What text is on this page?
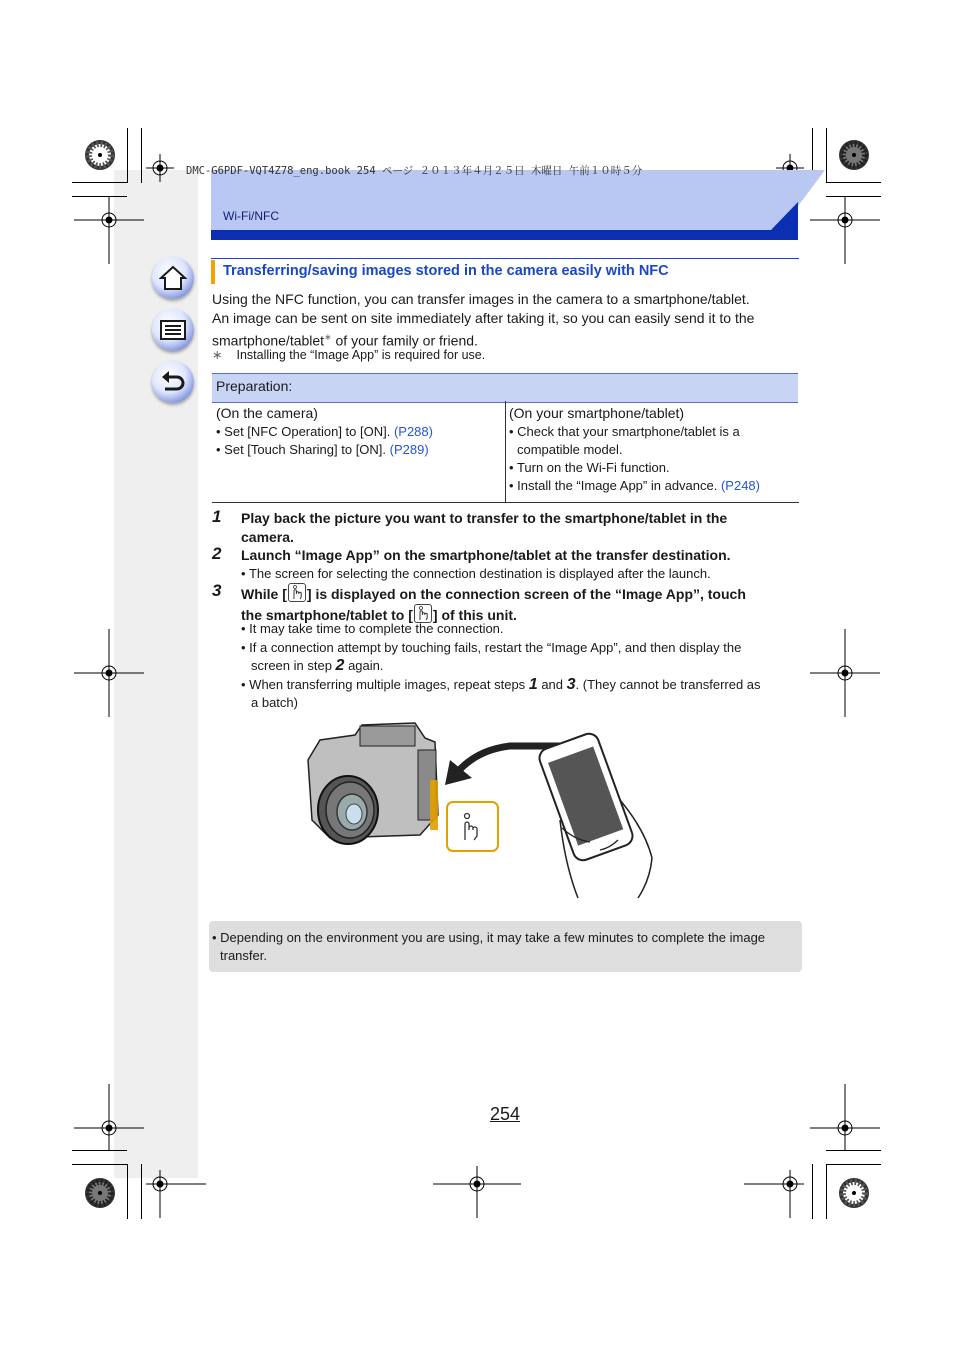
DMC-G6PDF-VQT4Z78_eng.book 254 ページ ２０１３年４月２５日 木曜日 午前１０時５分
Wi-Fi/NFC
Transferring/saving images stored in the camera easily with NFC
Using the NFC function, you can transfer images in the camera to a smartphone/tablet.
An image can be sent on site immediately after taking it, so you can easily send it to the
smartphone/tablet∗ of your family or friend.
∗ Installing the “Image App” is required for use.
Preparation:
(On the camera)
• Set [NFC Operation] to [ON]. (P288)
• Set [Touch Sharing] to [ON]. (P289)
(On your smartphone/tablet)
• Check that your smartphone/tablet is a
compatible model.
• Turn on the Wi-Fi function.
• Install the “Image App” in advance. (P248)
1 Play back the picture you want to transfer to the smartphone/tablet in the
camera.
2 Launch “Image App” on the smartphone/tablet at the transfer destination.
• The screen for selecting the connection destination is displayed after the launch.
3 While [ ] is displayed on the connection screen of the “Image App”, touch
the smartphone/tablet to [ ] of this unit.
• It may take time to complete the connection.
• If a connection attempt by touching fails, restart the “Image App”, and then display the
screen in step 2 again.
• When transferring multiple images, repeat steps 1 and 3. (They cannot be transferred as
a batch)
• Depending on the environment you are using, it may take a few minutes to complete the image
transfer.
254
